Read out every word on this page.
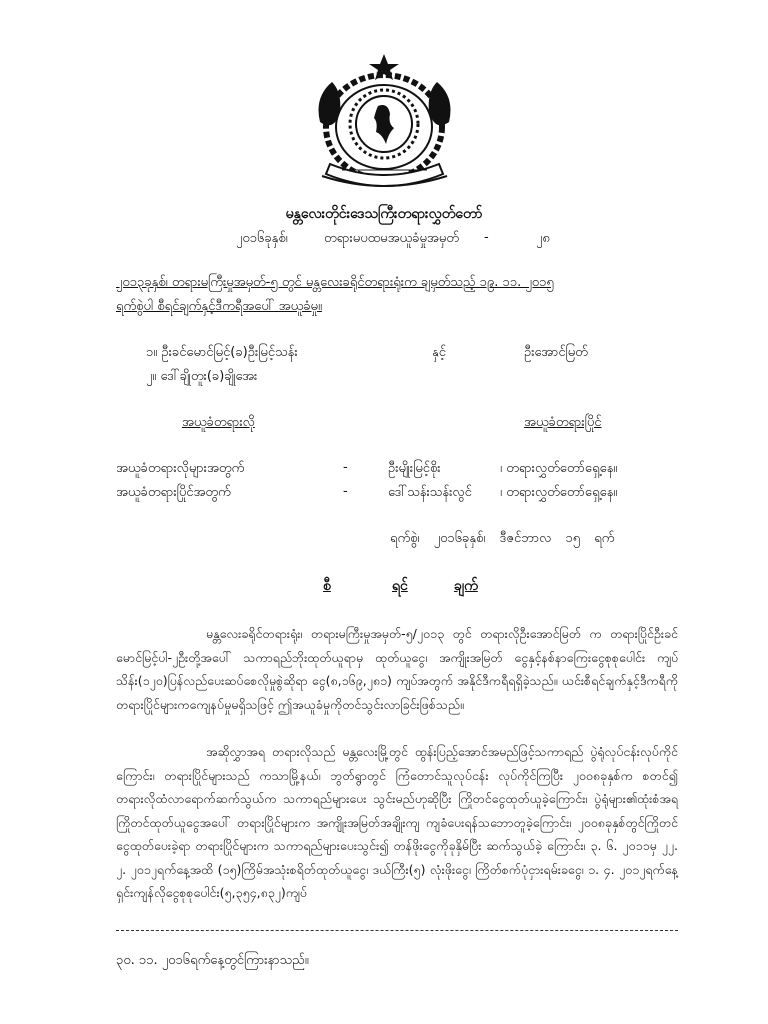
မန္တလေးတိုင်းဒေသကြီးတရားလွှတ်တော်
၂၀၁၆ခုနှစ်၊	တရားမပထမအယူခံမှုအမှတ် -	၂၈
၂၀၁၃ခုနှစ်၊ တရားမကြီးမှုအမှတ်-၅ တွင် မန္တလေးခရိုင်တရားရုံးက ချမှတ်သည့် ၁၉. ၁၁. ၂၀၁၅
ရက်စွဲပါ စီရင်ချက်နှင့်ဒီကရီအပေါ် အယူခံမှု။
၁။ ဦးခင်မောင်မြင့်(ခ)ဦးမြင့်သန်း	နှင့်	ဦးအောင်မြတ်
၂။ ဒေါ်ချိုတူး(ခ)ချိုအေး
အယူခံတရားလို	အယူခံတရားပြိုင်
အယူခံတရားလိုများအတွက်	-	ဦးမျိုးမြင့်စိုး	၊ တရားလွှတ်တော်ရှေ့နေ။
အယူခံတရားပြိုင်အတွက်	-	ဒေါ်သန်းသန်းလွင် ၊ တရားလွှတ်တော်ရှေ့နေ။
ရက်စွဲ၊ ၂၀၁၆ခုနှစ်၊ ဒီဇင်ဘာလ ၁၅ ရက်
စီ	ရင်	ချက်
မန္တလေးခရိုင်တရားရုံး၊ တရားမကြီးမှုအမှတ်-၅/၂၀၁၃ တွင် တရားလိုဦးအောင်မြတ် က တရားပြိုင်ဦးခင်မောင်မြင့်ပါ-၂ဦးတို့အပေါ် သကာရည်ဘိုးထုတ်ယူရာမှ ထုတ်ယူငွေ၊ အကျိုးအမြတ် ငွေနှင့်နစ်နာကြေးငွေစုစုပေါင်း ကျပ်သိန်း(၁၂၀)ပြန်လည်ပေးဆပ်စေလိုမှုစွဲဆိုရာ ငွေ(၈,၁၆၉,၂၈၁) ကျပ်အတွက် အနိုင်ဒီကရီရရှိခဲ့သည်။ ယင်းစီရင်ချက်နှင့်ဒီကရီကို တရားပြိုင်များကကျေနပ်မှုမရှိသဖြင့် ဤအယူခံမှုကိုတင်သွင်းလာခြင်းဖြစ်သည်။
အဆိုလွှာအရ တရားလိုသည် မန္တလေးမြို့တွင် ထွန်းပြည့်အောင်အမည်ဖြင့်သကာရည် ပွဲရုံလုပ်ငန်းလုပ်ကိုင်ကြောင်း၊ တရားပြိုင်များသည် ကသာမြို့နယ်၊ ဘွတ်ရွာတွင် ကြံတောင်သူလုပ်ငန်း လုပ်ကိုင်ကြပြီး ၂၀၀၈ခုနှစ်က စတင်၍ တရားလိုထံလာရောက်ဆက်သွယ်က သကာရည်များပေး သွင်းမည်ဟုဆိုပြီး ကြိုတင်ငွေထုတ်ယူခဲ့ကြောင်း၊ ပွဲရုံများ၏ထုံးစံအရ ကြိုတင်ထုတ်ယူငွေအပေါ် တရားပြိုင်များက အကျိုးအမြတ်အချိုးကျ ကျခံပေးရန်သဘောတူခဲ့ကြောင်း၊ ၂၀၀၈ခုနှစ်တွင်ကြိုတင် ငွေထုတ်ပေးခဲ့ရာ တရားပြိုင်များက သကာရည်များပေးသွင်း၍ တန်ဖိုးငွေကိုခုနှိမ်ပြီး ဆက်သွယ်ခဲ့ ကြောင်း၊ ၃. ၆. ၂၀၁၁မှ ၂၂. ၂. ၂၀၁၂ရက်နေ့အထိ (၁၅)ကြိမ်အသုံးစရိတ်ထုတ်ယူငွေ၊ ဒယ်ကြီး(၅) လုံးဖိုးငွေ၊ ကြိတ်စက်ပုံငှားရမ်းခငွေ၊ ၁. ၄. ၂၀၁၂ရက်နေ့ ရှင်းကျန်လိုငွေစုစုပေါင်း(၅,၃၅၄,၈၃၂)ကျပ်
၃၀. ၁၁. ၂၀၁၆ရက်နေ့တွင်ကြားနာသည်။
